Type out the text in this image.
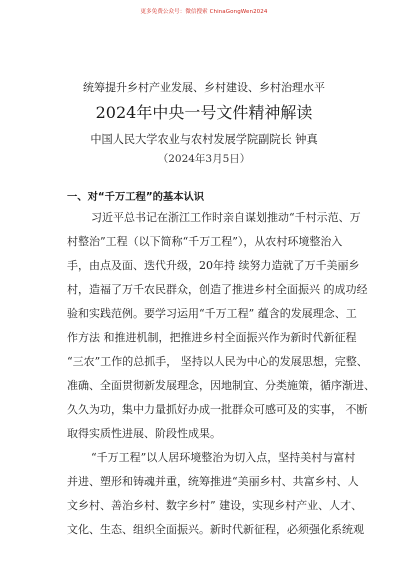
更多免费公众号：微信搜索 ChinaGongWen2024
统筹提升乡村产业发展、乡村建设、乡村治理水平
2024年中央一号文件精神解读
中国人民大学农业与农村发展学院副院长 钟真
（2024年3月5日）
一、对“千万工程”的基本认识
习近平总书记在浙江工作时亲自谋划推动“千村示范、万
村整治”工程（以下简称“千万工程”），从农村环境整治入
手，由点及面、迭代升级，20年持 续努力造就了万千美丽乡
村，造福了万千农民群众，创造了推进乡村全面振兴 的成功经
验和实践范例。要学习运用“千万工程” 蕴含的发展理念、工
作方法 和推进机制，把推进乡村全面振兴作为新时代新征程
“三农”工作的总抓手， 坚持以人民为中心的发展思想，完整、
准确、全面贯彻新发展理念，因地制宜、分类施策，循序渐进、
久久为功，集中力量抓好办成一批群众可感可及的实事， 不断
取得实质性进展、阶段性成果。
“千万工程”以人居环境整治为切入点，坚持美村与富村
并进、塑形和铸魂并重，统筹推进“美丽乡村、共富乡村、人
文乡村、善治乡村、数字乡村” 建设，实现乡村产业、人才、
文化、生态、组织全面振兴。新时代新征程，必须强化系统观
